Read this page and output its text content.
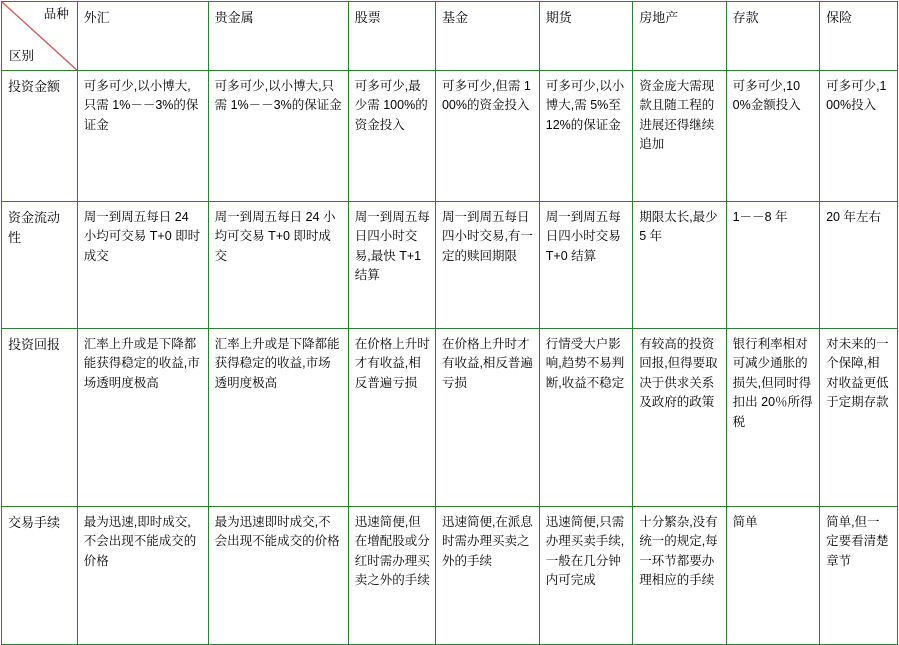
品种
区别	外汇	贵金属	股票	基金	期货	房地产	存款	保险
投资金额	可多可少,以小博大,只需 1%－－3%的保证金	可多可少,以小博大,只需 1%－－3%的保证金	可多可少,最少需 100%的资金投入	可多可少,但需 100%的资金投入	可多可少,以小博大,需 5%至 12%的保证金	资金庞大需现款且随工程的进展还得继续追加	可多可少,100%金额投入	可多可少,100%投入
资金流动性	周一到周五每日 24 小均可交易 T+0 即时成交	周一到周五每日 24 小均可交易 T+0 即时成交	周一到周五每日四小时交易,最快 T+1 结算	周一到周五每日四小时交易,有一定的赎回期限	周一到周五每日四小时交易 T+0 结算	期限太长,最少 5 年	1－－8 年	20 年左右
投资回报	汇率上升或是下降都能获得稳定的收益,市场透明度极高	汇率上升或是下降都能获得稳定的收益,市场透明度极高	在价格上升时才有收益,相反普遍亏损	在价格上升时才有收益,相反普遍亏损	行情受大户影响,趋势不易判断,收益不稳定	有较高的投资回报,但得要取决于供求关系及政府的政策	银行利率相对可减少通胀的损失,但同时得扣出 20％所得税	对未来的一个保障,相对收益更低于定期存款
交易手续	最为迅速,即时成交,不会出现不能成交的价格	最为迅速即时成交,不会出现不能成交的价格	迅速简便,但在增配股或分红时需办理买卖之外的手续	迅速简便,在派息时需办理买卖之外的手续	迅速简便,只需办理买卖手续,一般在几分钟内可完成	十分繁杂,没有统一的规定,每一环节都要办理相应的手续	简单	简单,但一定要看清楚章节
